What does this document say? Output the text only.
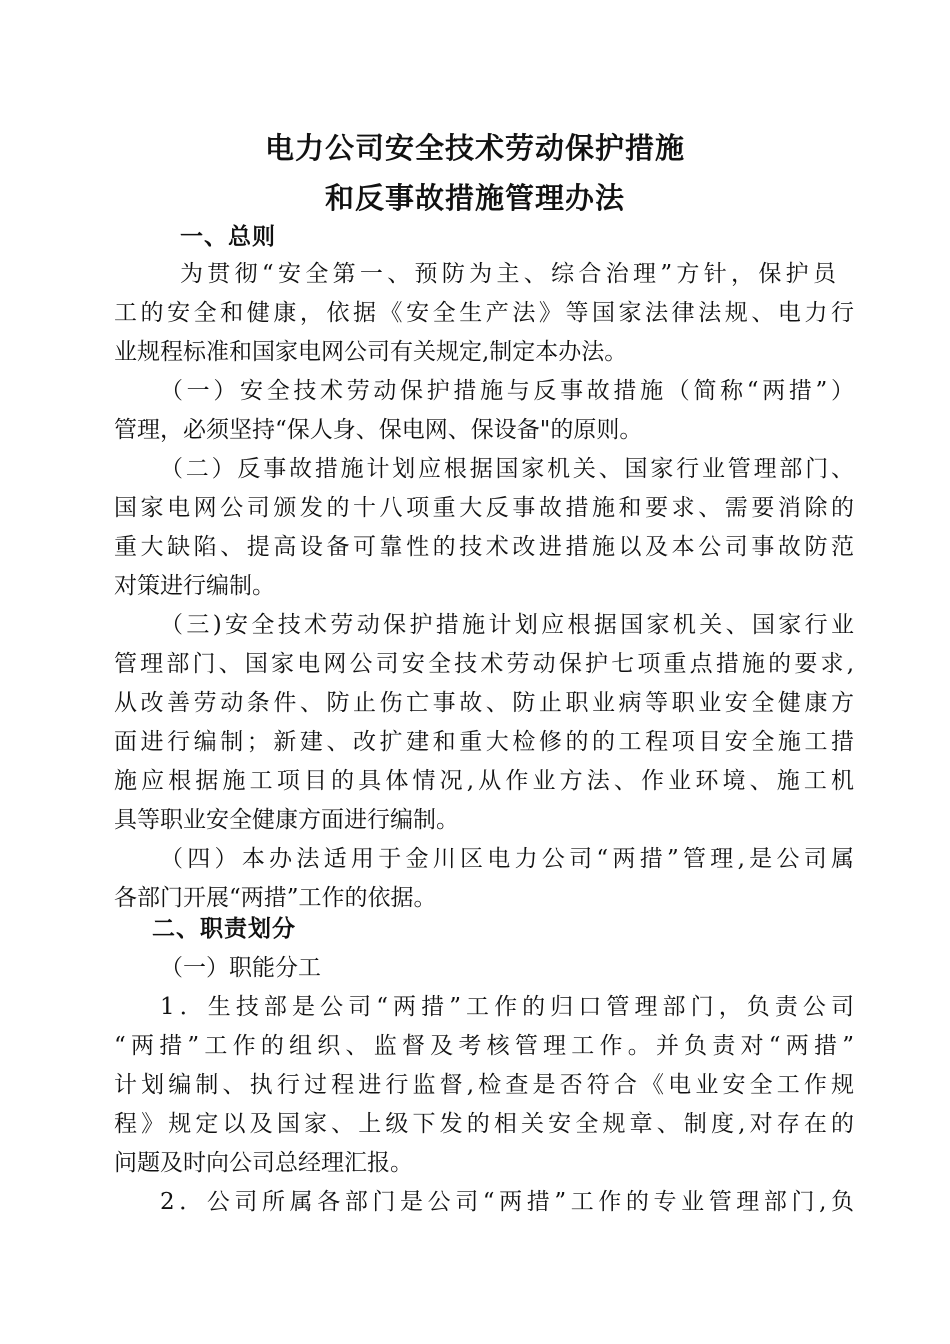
电力公司安全技术劳动保护措施
和反事故措施管理办法
一、总则
为贯彻“安全第一、预防为主、综合治理”方针，保护员
工的安全和健康，依据《安全生产法》等国家法律法规、电力行
业规程标准和国家电网公司有关规定,制定本办法。
（一）安全技术劳动保护措施与反事故措施（简称“两措”）
管理，必须坚持“保人身、保电网、保设备"的原则。
（二）反事故措施计划应根据国家机关、国家行业管理部门、
国家电网公司颁发的十八项重大反事故措施和要求、需要消除的
重大缺陷、提高设备可靠性的技术改进措施以及本公司事故防范
对策进行编制。
（三)安全技术劳动保护措施计划应根据国家机关、国家行业
管理部门、国家电网公司安全技术劳动保护七项重点措施的要求,
从改善劳动条件、防止伤亡事故、防止职业病等职业安全健康方
面进行编制；新建、改扩建和重大检修的的工程项目安全施工措
施应根据施工项目的具体情况,从作业方法、作业环境、施工机
具等职业安全健康方面进行编制。
（四）本办法适用于金川区电力公司“两措”管理,是公司属
各部门开展“两措”工作的依据。
二、职责划分
（一）职能分工
1．生技部是公司“两措”工作的归口管理部门，负责公司
“两措”工作的组织、监督及考核管理工作。并负责对“两措”
计划编制、执行过程进行监督,检查是否符合《电业安全工作规
程》规定以及国家、上级下发的相关安全规章、制度,对存在的
问题及时向公司总经理汇报。
2．公司所属各部门是公司“两措”工作的专业管理部门,负
